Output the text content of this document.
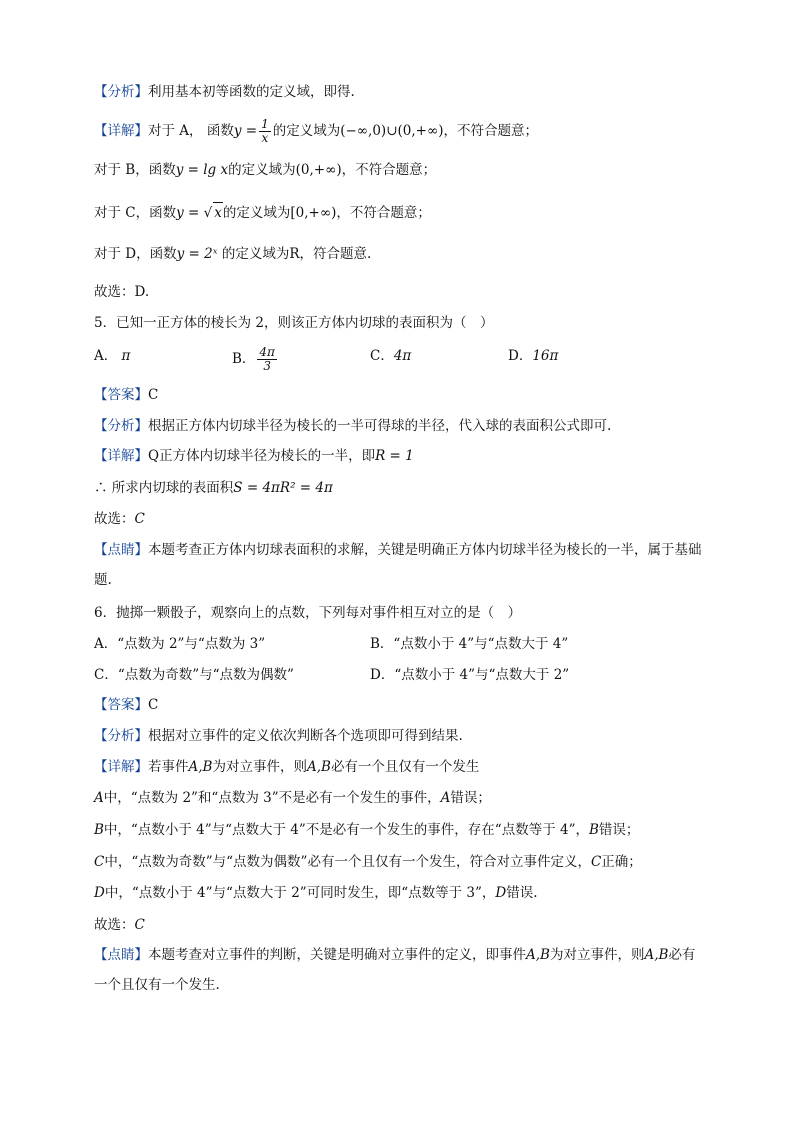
【分析】利用基本初等函数的定义域，即得.
【详解】对于 A， 函数$y = \frac{1}{x}$ 的定义域为(−∞,0)∪(0,+∞)，不符合题意；
对于 B，函数y = lg x的定义域为(0,+∞)，不符合题意；
对于 C，函数y = √ x的定义域为[0,+∞)，不符合题意；
对于 D，函数y = 2ˣ 的定义域为R，符合题意.
故选：D.
5．已知一正方体的棱长为 2，则该正方体内切球的表面积为（　）
A． π	B． $\frac{4\pi}{3}$	C．4π	D．16π
【答案】C
【分析】根据正方体内切球半径为棱长的一半可得球的半径，代入球的表面积公式即可.
【详解】Q正方体内切球半径为棱长的一半，即R = 1
∴ 所求内切球的表面积S = 4πR² = 4π
故选：C
【点睛】本题考查正方体内切球表面积的求解，关键是明确正方体内切球半径为棱长的一半，属于基础题.
6．抛掷一颗骰子，观察向上的点数，下列每对事件相互对立的是（　）
A．“点数为 2”与“点数为 3”	B．“点数小于 4”与“点数大于 4”
C．“点数为奇数”与“点数为偶数”	D．“点数小于 4”与“点数大于 2”
【答案】C
【分析】根据对立事件的定义依次判断各个选项即可得到结果.
【详解】若事件A,B为对立事件，则A,B必有一个且仅有一个发生
A中，“点数为 2”和“点数为 3”不是必有一个发生的事件，A错误；
B中，“点数小于 4”与“点数大于 4”不是必有一个发生的事件，存在“点数等于 4”，B错误；
C中，“点数为奇数”与“点数为偶数”必有一个且仅有一个发生，符合对立事件定义，C正确；
D中，“点数小于 4”与“点数大于 2”可同时发生，即“点数等于 3”，D错误.
故选：C
【点睛】本题考查对立事件的判断，关键是明确对立事件的定义，即事件A,B为对立事件，则A,B必有一个且仅有一个发生.
